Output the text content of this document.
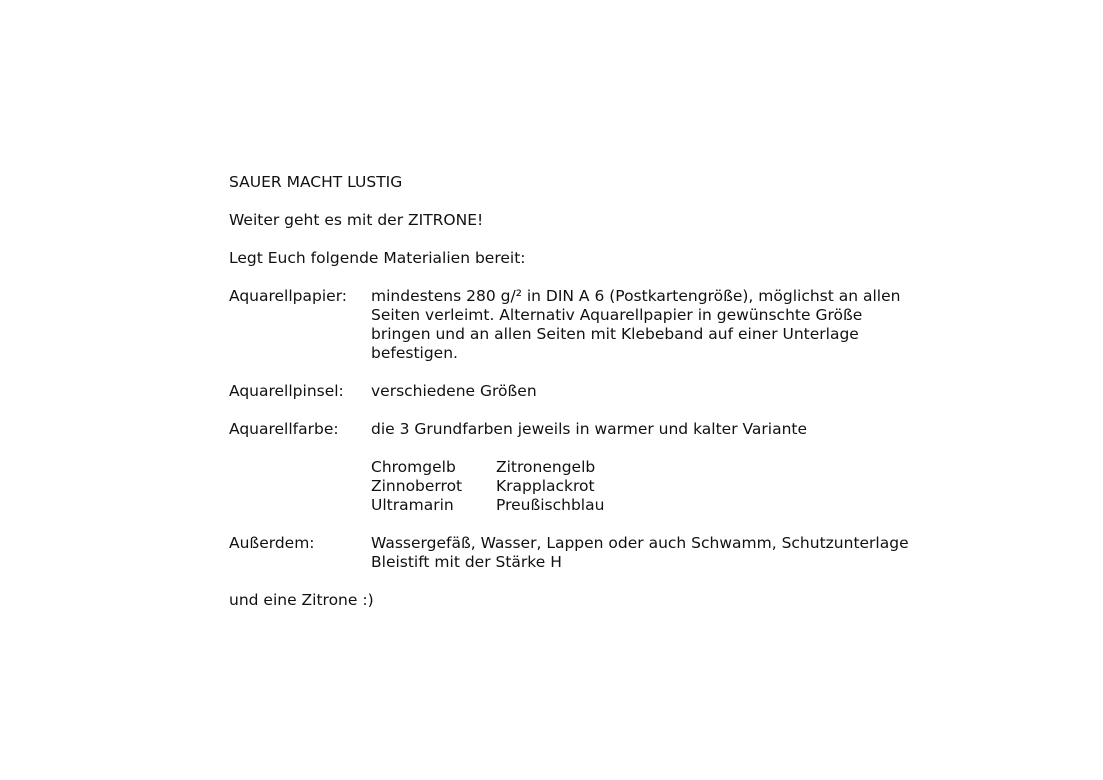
SAUER MACHT LUSTIG

Weiter geht es mit der ZITRONE!

Legt Euch folgende Materialien bereit:

Aquarellpapier:	mindestens 280 g/² in DIN A 6 (Postkartengröße), möglichst an allen
Seiten verleimt. Alternativ Aquarellpapier in gewünschte Größe
bringen und an allen Seiten mit Klebeband auf einer Unterlage
befestigen.
Aquarellpinsel:	verschiedene Größen
Aquarellfarbe:	die 3 Grundfarben jeweils in warmer und kalter Variante
Chromgelb	Zitronengelb
Zinnoberrot	Krapplackrot
Ultramarin	Preußischblau
Außerdem:	Wassergefäß, Wasser, Lappen oder auch Schwamm, Schutzunterlage
Bleistift mit der Stärke H

und eine Zitrone :)
